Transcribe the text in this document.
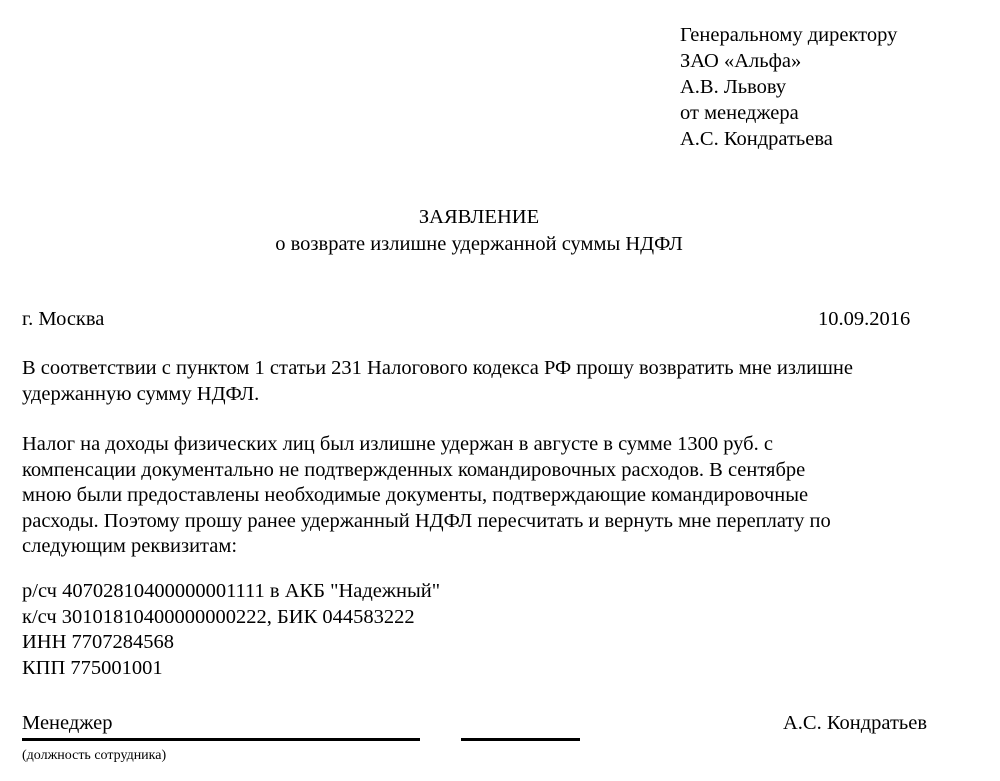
Генеральному директору
ЗАО «Альфа»
А.В. Львову
от менеджера
А.С. Кондратьева
ЗАЯВЛЕНИЕ
о возврате излишне удержанной суммы НДФЛ
г. Москва	10.09.2016
В соответствии с пунктом 1 статьи 231 Налогового кодекса РФ прошу возвратить мне излишне
удержанную сумму НДФЛ.
Налог на доходы физических лиц был излишне удержан в августе в сумме 1300 руб. с
компенсации документально не подтвержденных командировочных расходов. В сентябре
мною были предоставлены необходимые документы, подтверждающие командировочные
расходы. Поэтому прошу ранее удержанный НДФЛ пересчитать и вернуть мне переплату по
следующим реквизитам:
р/сч 40702810400000001111 в АКБ "Надежный"
к/сч 30101810400000000222, БИК 044583222
ИНН 7707284568
КПП 775001001
Менеджер	А.С. Кондратьев
(должность сотрудника)
